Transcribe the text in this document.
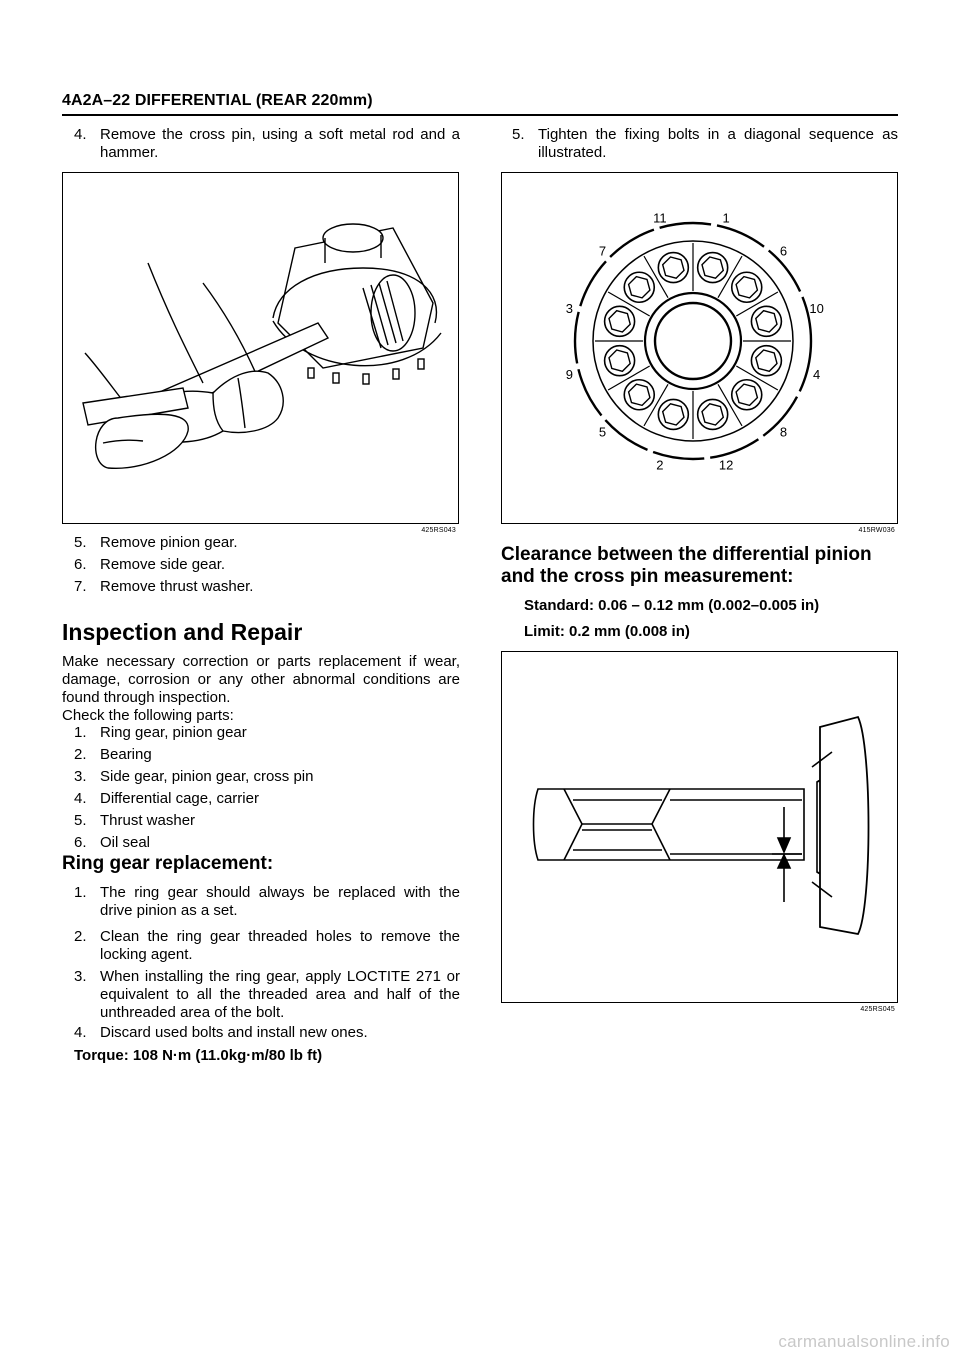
4A2A–22 DIFFERENTIAL (REAR 220mm)
4. Remove the cross pin, using a soft metal rod and a hammer.
425RS043
5. Remove pinion gear.
6. Remove side gear.
7. Remove thrust washer.
Inspection and Repair
Make necessary correction or parts replacement if wear, damage, corrosion or any other abnormal conditions are found through inspection.
Check the following parts:
1. Ring gear, pinion gear
2. Bearing
3. Side gear, pinion gear, cross pin
4. Differential cage, carrier
5. Thrust washer
6. Oil seal
Ring gear replacement:
1. The ring gear should always be replaced with the drive pinion as a set.
2. Clean the ring gear threaded holes to remove the locking agent.
3. When installing the ring gear, apply LOCTITE 271 or equivalent to all the threaded area and half of the unthreaded area of the bolt.
4. Discard used bolts and install new ones.
Torque: 108 N·m (11.0kg·m/80 lb ft)
5. Tighten the fixing bolts in a diagonal sequence as illustrated.
1
6
10
4
8
12
2
5
9
3
7
11
415RW036
Clearance between the differential pinion and the cross pin measurement:
Standard: 0.06 – 0.12 mm (0.002–0.005 in)
Limit: 0.2 mm (0.008 in)
425RS045
carmanualsonline.info
